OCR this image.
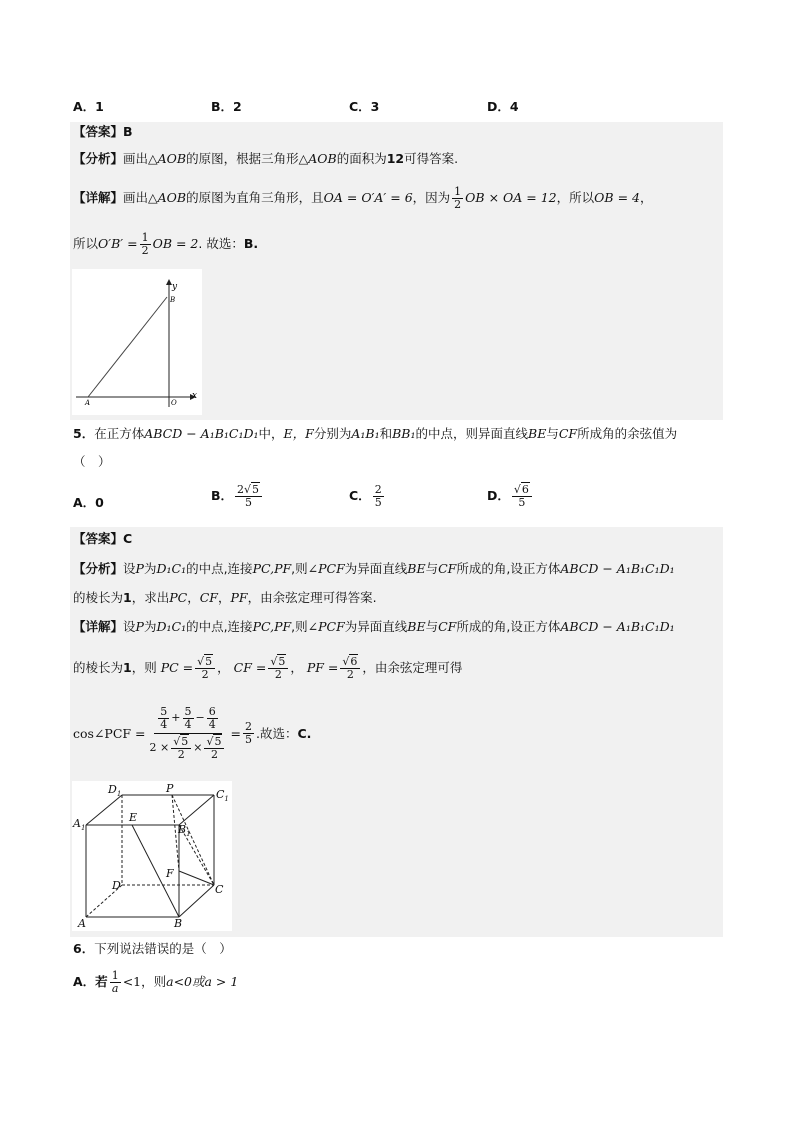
A．1	B．2	C．3	D．4
【答案】B
【分析】画出△AOB的原图，根据三角形△AOB的面积为12可得答案.
【详解】画出△AOB的原图为直角三角形，且OA = O′A′ = 6，因为 $\frac{1}{2}$ OB × OA = 12，所以OB = 4，
所以$O'B' = \frac{1}{2}$ OB = 2. 故选：B.
y
B
x
A	O
5．在正方体ABCD − A₁B₁C₁D₁中，E，F分别为A₁B₁和BB₁的中点，则异面直线BE与CF所成角的余弦值为
（　）
A．0	B． $\frac{2√5}{5}$	C． $\frac{2}{5}$	D． $\frac{√6}{5}$
【答案】C
【分析】设P为D₁C₁的中点,连接PC,PF,则∠PCF为异面直线BE与CF所成的角,设正方体ABCD − A₁B₁C₁D₁
的棱长为1，求出PC，CF，PF，由余弦定理可得答案.
【详解】设P为D₁C₁的中点,连接PC,PF,则∠PCF为异面直线BE与CF所成的角,设正方体ABCD − A₁B₁C₁D₁
的棱长为1，则 PC = $\frac{√5}{2}$ ， CF = $\frac{√5}{2}$ ， PF = $\frac{√6}{2}$ ，由余弦定理可得
cos∠PCF = $\frac{\frac{5}{4} + \frac{5}{4} - \frac{6}{4}}{2 \times \frac{√5}{2} \times \frac{√5}{2}} = \frac{2}{5}$ .故选： C.
$D_1$	P	$C_1$
$A_1$
E
$B_1$
F
D	C
A	B
6．下列说法错误的是（　）
A．若 $\frac{1}{a} <1$，则a<0或a > 1
